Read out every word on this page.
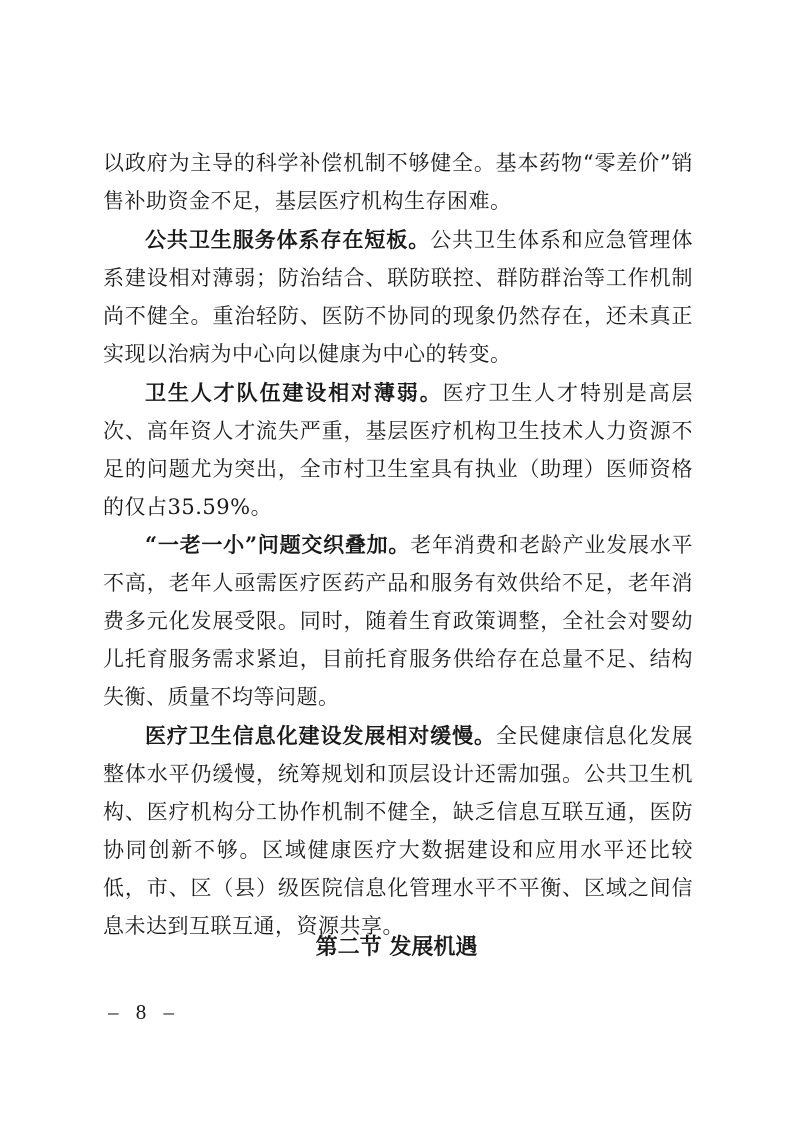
以政府为主导的科学补偿机制不够健全。基本药物“零差价”销售补助资金不足，基层医疗机构生存困难。

公共卫生服务体系存在短板。公共卫生体系和应急管理体系建设相对薄弱；防治结合、联防联控、群防群治等工作机制尚不健全。重治轻防、医防不协同的现象仍然存在，还未真正实现以治病为中心向以健康为中心的转变。

卫生人才队伍建设相对薄弱。医疗卫生人才特别是高层次、高年资人才流失严重，基层医疗机构卫生技术人力资源不足的问题尤为突出，全市村卫生室具有执业（助理）医师资格的仅占35.59%。

“一老一小”问题交织叠加。老年消费和老龄产业发展水平不高，老年人亟需医疗医药产品和服务有效供给不足，老年消费多元化发展受限。同时，随着生育政策调整，全社会对婴幼儿托育服务需求紧迫，目前托育服务供给存在总量不足、结构失衡、质量不均等问题。

医疗卫生信息化建设发展相对缓慢。全民健康信息化发展整体水平仍缓慢，统筹规划和顶层设计还需加强。公共卫生机构、医疗机构分工协作机制不健全，缺乏信息互联互通，医防协同创新不够。区域健康医疗大数据建设和应用水平还比较低，市、区（县）级医院信息化管理水平不平衡、区域之间信息未达到互联互通，资源共享。

第二节 发展机遇
– 8 –
